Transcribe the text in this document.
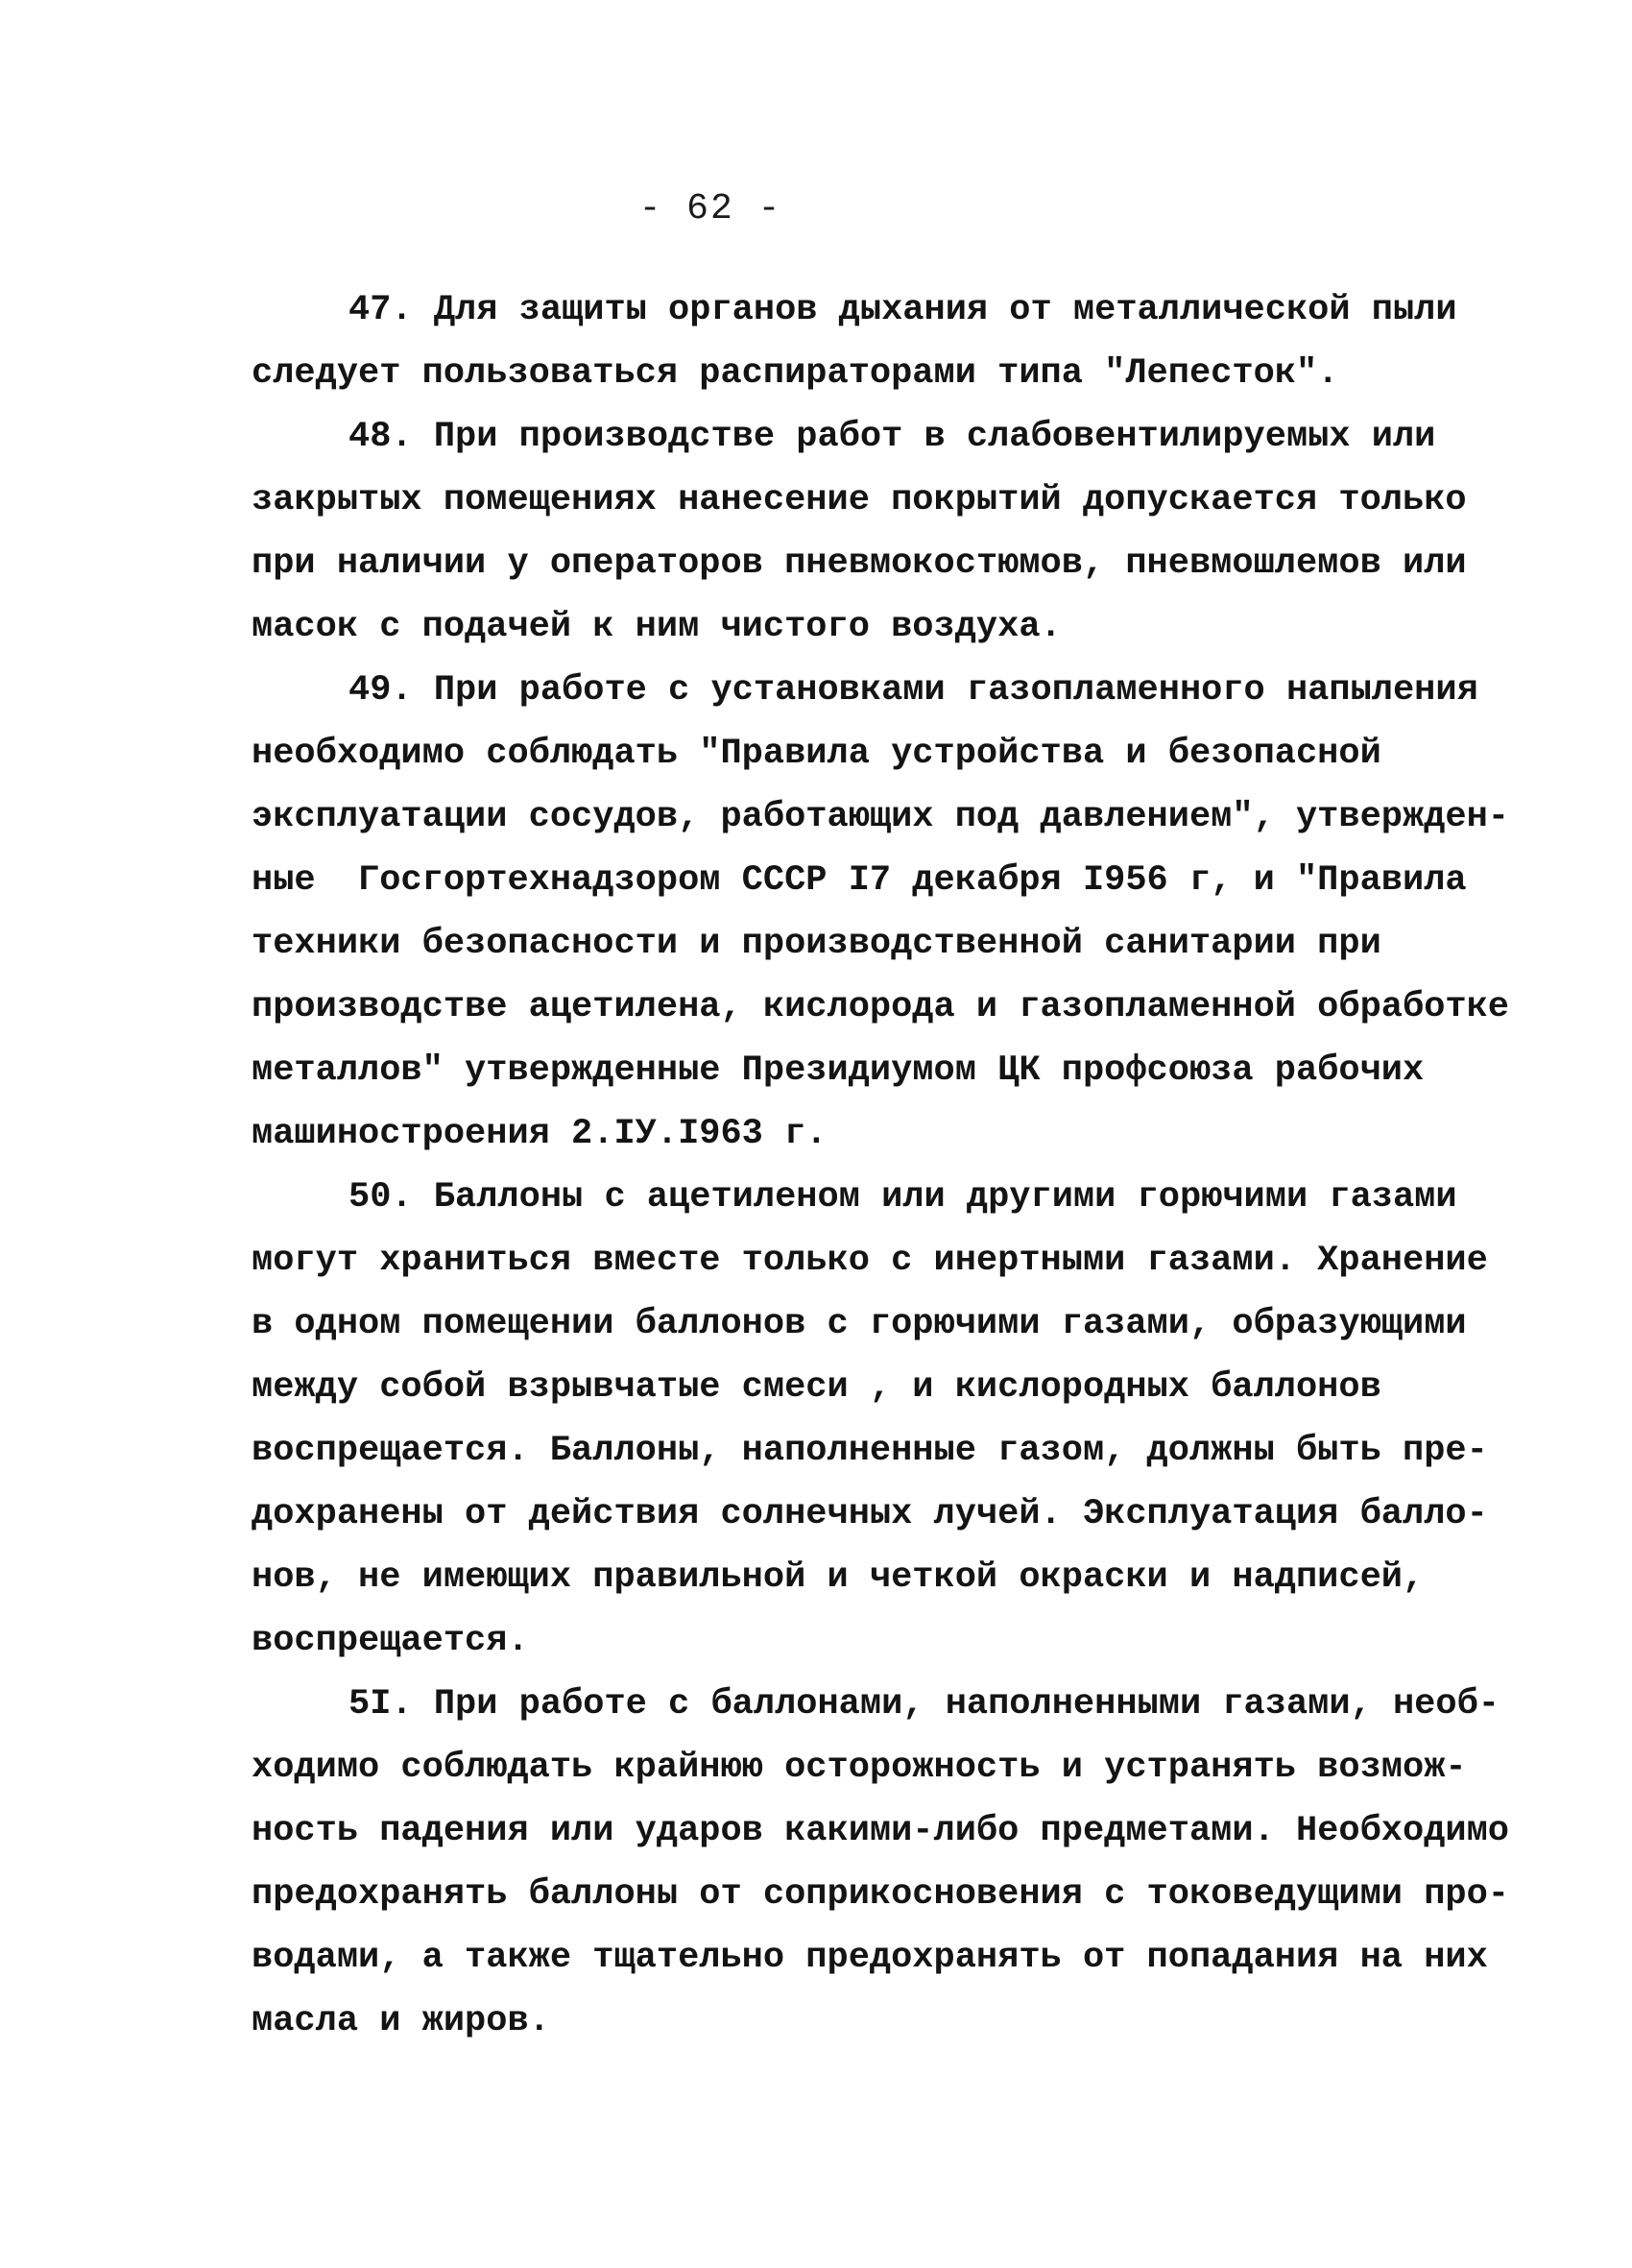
- 62 -
47. Для защиты органов дыхания от металлической пыли
следует пользоваться распираторами типа "Лепесток".
48. При производстве работ в слабовентилируемых или
закрытых помещениях нанесение покрытий допускается только
при наличии у операторов пневмокостюмов, пневмошлемов или
масок с подачей к ним чистого воздуха.
49. При работе с установками газопламенного напыления
необходимо соблюдать "Правила устройства и безопасной
эксплуатации сосудов, работающих под давлением", утвержден-
ные  Госгортехнадзором СССР I7 декабря I956 г, и "Правила
техники безопасности и производственной санитарии при
производстве ацетилена, кислорода и газопламенной обработке
металлов" утвержденные Президиумом ЦК профсоюза рабочих
машиностроения 2.IУ.I963 г.
50. Баллоны с ацетиленом или другими горючими газами
могут храниться вместе только с инертными газами. Хранение
в одном помещении баллонов с горючими газами, образующими
между собой взрывчатые смеси , и кислородных баллонов
воспрещается. Баллоны, наполненные газом, должны быть пре-
дохранены от действия солнечных лучей. Эксплуатация балло-
нов, не имеющих правильной и четкой окраски и надписей,
воспрещается.
5I. При работе с баллонами, наполненными газами, необ-
ходимо соблюдать крайнюю осторожность и устранять возмож-
ность падения или ударов какими-либо предметами. Необходимо
предохранять баллоны от соприкосновения с токоведущими про-
водами, а также тщательно предохранять от попадания на них
масла и жиров.
